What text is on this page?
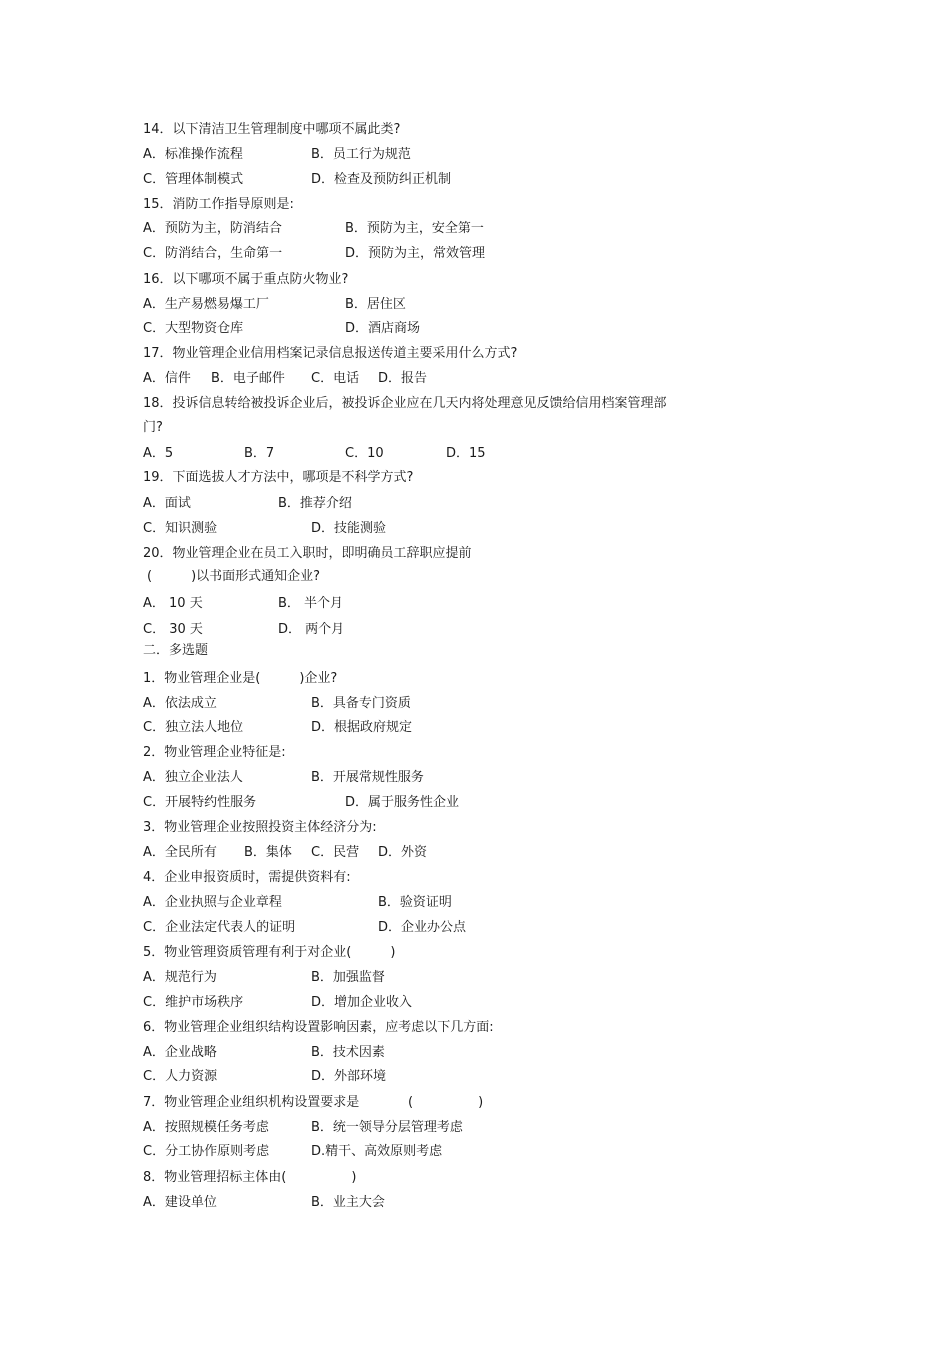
14．以下清洁卫生管理制度中哪项不属此类?
A．标准操作流程	B．员工行为规范
C．管理体制模式	D．检查及预防纠正机制
15．消防工作指导原则是:
A．预防为主，防消结合	B．预防为主，安全第一
C．防消结合，生命第一	D．预防为主，常效管理
16．以下哪项不属于重点防火物业?
A．生产易燃易爆工厂	B．居住区
C．大型物资仓库	D．酒店商场
17．物业管理企业信用档案记录信息报送传道主要采用什么方式?
A．信件 B．电子邮件 C．电话 D．报告
18．投诉信息转给被投诉企业后，被投诉企业应在几天内将处理意见反馈给信用档案管理部
门?
A．5	B．7	C．10	D．15
19．下面选拔人才方法中，哪项是不科学方式?
A．面试	B．推荐介绍
C．知识测验	D．技能测验
20．物业管理企业在员工入职时，即明确员工辞职应提前
(　　　)以书面形式通知企业?
A． 10 天	B． 半个月
C． 30 天	D． 两个月
二．多选题
1．物业管理企业是(　　　)企业?
A．依法成立	B．具备专门资质
C．独立法人地位	D．根据政府规定
2．物业管理企业特征是:
A．独立企业法人	B．开展常规性服务
C．开展特约性服务	D．属于服务性企业
3．物业管理企业按照投资主体经济分为:
A．全民所有 B．集体 C．民营 D．外资
4．企业申报资质时，需提供资料有:
A．企业执照与企业章程	B．验资证明
C．企业法定代表人的证明	D．企业办公点
5．物业管理资质管理有利于对企业(　　　)
A．规范行为	B．加强监督
C．维护市场秩序	D．增加企业收入
6．物业管理企业组织结构设置影响因素，应考虑以下几方面:
A．企业战略	B．技术因素
C．人力资源	D．外部环境
7．物业管理企业组织机构设置要求是	(　　　　　)
A．按照规模任务考虑	B．统一领导分层管理考虑
C．分工协作原则考虑	D.精干、高效原则考虑
8．物业管理招标主体由(　　　　　)
A．建设单位	B．业主大会
